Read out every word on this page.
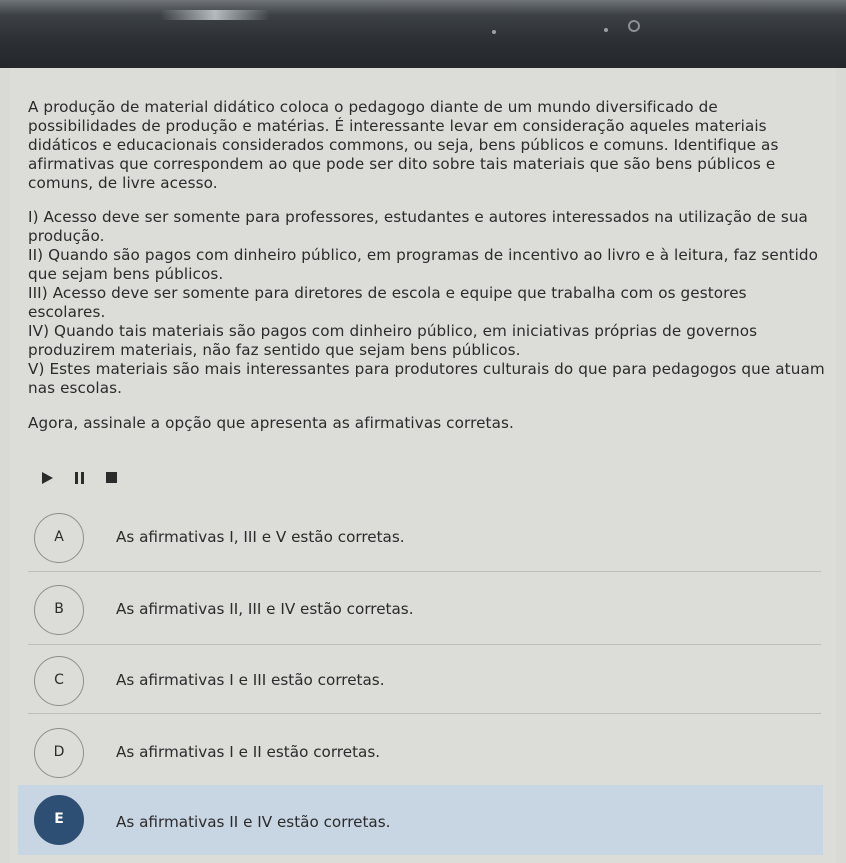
A produção de material didático coloca o pedagogo diante de um mundo diversificado de possibilidades de produção e matérias. É interessante levar em consideração aqueles materiais didáticos e educacionais considerados commons, ou seja, bens públicos e comuns. Identifique as afirmativas que correspondem ao que pode ser dito sobre tais materiais que são bens públicos e comuns, de livre acesso.

I) Acesso deve ser somente para professores, estudantes e autores interessados na utilização de sua produção.

II) Quando são pagos com dinheiro público, em programas de incentivo ao livro e à leitura, faz sentido que sejam bens públicos.

III) Acesso deve ser somente para diretores de escola e equipe que trabalha com os gestores escolares.

IV) Quando tais materiais são pagos com dinheiro público, em iniciativas próprias de governos produzirem materiais, não faz sentido que sejam bens públicos.

V) Estes materiais são mais interessantes para produtores culturais do que para pedagogos que atuam nas escolas.

Agora, assinale a opção que apresenta as afirmativas corretas.

A	As afirmativas I, III e V estão corretas.
B	As afirmativas II, III e IV estão corretas.
C	As afirmativas I e III estão corretas.
D	As afirmativas I e II estão corretas.
E	As afirmativas II e IV estão corretas.
